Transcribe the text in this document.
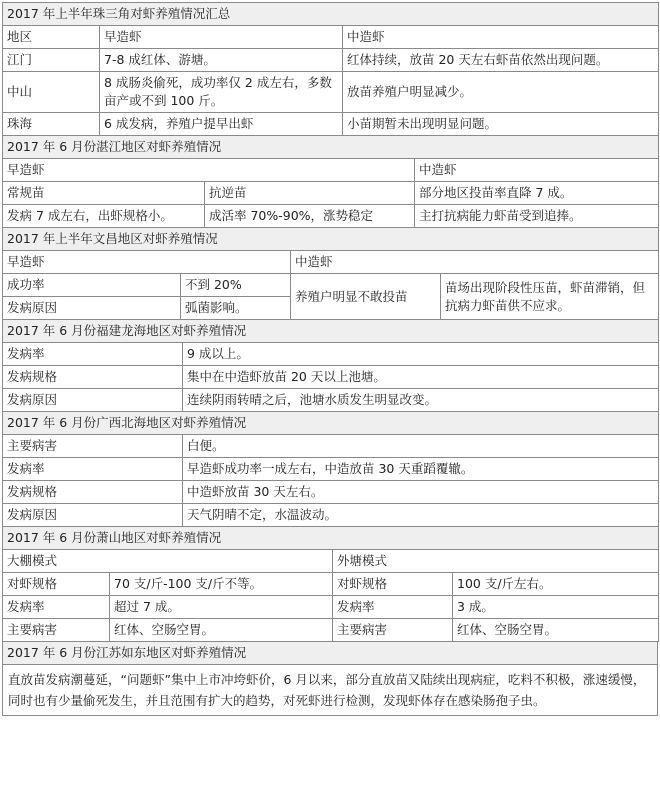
2017 年上半年珠三角对虾养殖情况汇总		
地区	早造虾	中造虾
江门	7-8 成红体、游塘。	红体持续，放苗 20 天左右虾苗依然出现问题。
中山	8 成肠炎偷死，成功率仅 2 成左右，多数亩产或不到 100 斤。	放苗养殖户明显减少。
珠海	6 成发病，养殖户提早出虾	小苗期暂未出现明显问题。
2017 年 6 月份湛江地区对虾养殖情况		
早造虾		中造虾
常规苗	抗逆苗	部分地区投苗率直降 7 成。
发病 7 成左右，出虾规格小。	成活率 70%-90%，涨势稳定	主打抗病能力虾苗受到追捧。
2017 年上半年文昌地区对虾养殖情况			
早造虾		中造虾	
成功率	不到 20%	养殖户明显不敢投苗	苗场出现阶段性压苗，虾苗滞销，但抗病力虾苗供不应求。
发病原因	弧菌影响。		
2017 年 6 月份福建龙海地区对虾养殖情况	
发病率	9 成以上。
发病规格	集中在中造虾放苗 20 天以上池塘。
发病原因	连续阴雨转晴之后，池塘水质发生明显改变。
2017 年 6 月份广西北海地区对虾养殖情况	
主要病害	白便。
发病率	早造虾成功率一成左右，中造放苗 30 天重蹈覆辙。
发病规格	中造虾放苗 30 天左右。
发病原因	天气阴晴不定，水温波动。
2017 年 6 月份萧山地区对虾养殖情况			
大棚模式		外塘模式	
对虾规格	70 支/斤-100 支/斤不等。	对虾规格	100 支/斤左右。
发病率	超过 7 成。	发病率	3 成。
主要病害	红体、空肠空胃。	主要病害	红体、空肠空胃。
2017 年 6 月份江苏如东地区对虾养殖情况
直放苗发病潮蔓延，“问题虾”集中上市冲垮虾价，6 月以来，部分直放苗又陆续出现病症，吃料不积极，涨速缓慢，同时也有少量偷死发生，并且范围有扩大的趋势，对死虾进行检测，发现虾体存在感染肠孢子虫。
